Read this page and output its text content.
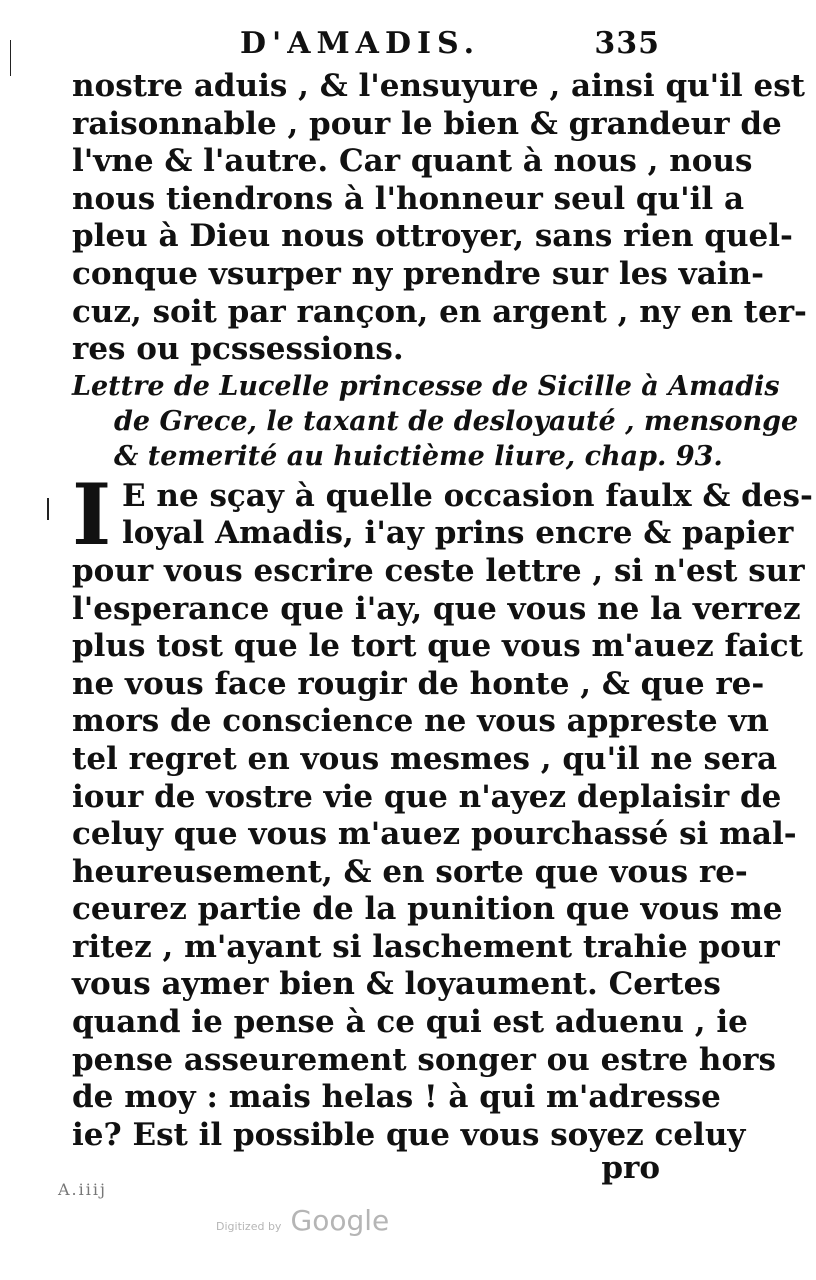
D'AMADIS.	335
nostre aduis , & l'ensuyure , ainsi qu'il est
raisonnable , pour le bien & grandeur de
l'vne & l'autre. Car quant à nous , nous
nous tiendrons à l'honneur seul qu'il a
pleu à Dieu nous ottroyer, sans rien quel-
conque vsurper ny prendre sur les vain-
cuz, soit par rançon, en argent , ny en ter-
res ou pcssessions.
Lettre de Lucelle princesse de Sicille à Amadis
de Grece, le taxant de desloyauté , mensonge
& temerité au huictième liure, chap. 93.
I E ne sçay à quelle occasion faulx & des-
loyal Amadis, i'ay prins encre & papier
pour vous escrire ceste lettre , si n'est sur
l'esperance que i'ay, que vous ne la verrez
plus tost que le tort que vous m'auez faict
ne vous face rougir de honte , & que re-
mors de conscience ne vous appreste vn
tel regret en vous mesmes , qu'il ne sera
iour de vostre vie que n'ayez deplaisir de
celuy que vous m'auez pourchassé si mal-
heureusement, & en sorte que vous re-
ceurez partie de la punition que vous me
ritez , m'ayant si laschement trahie pour
vous aymer bien & loyaument. Certes
quand ie pense à ce qui est aduenu , ie
pense asseurement songer ou estre hors
de moy : mais helas ! à qui m'adresse
ie? Est il possible que vous soyez celuy
pro
A.iiij
Digitized by Google
